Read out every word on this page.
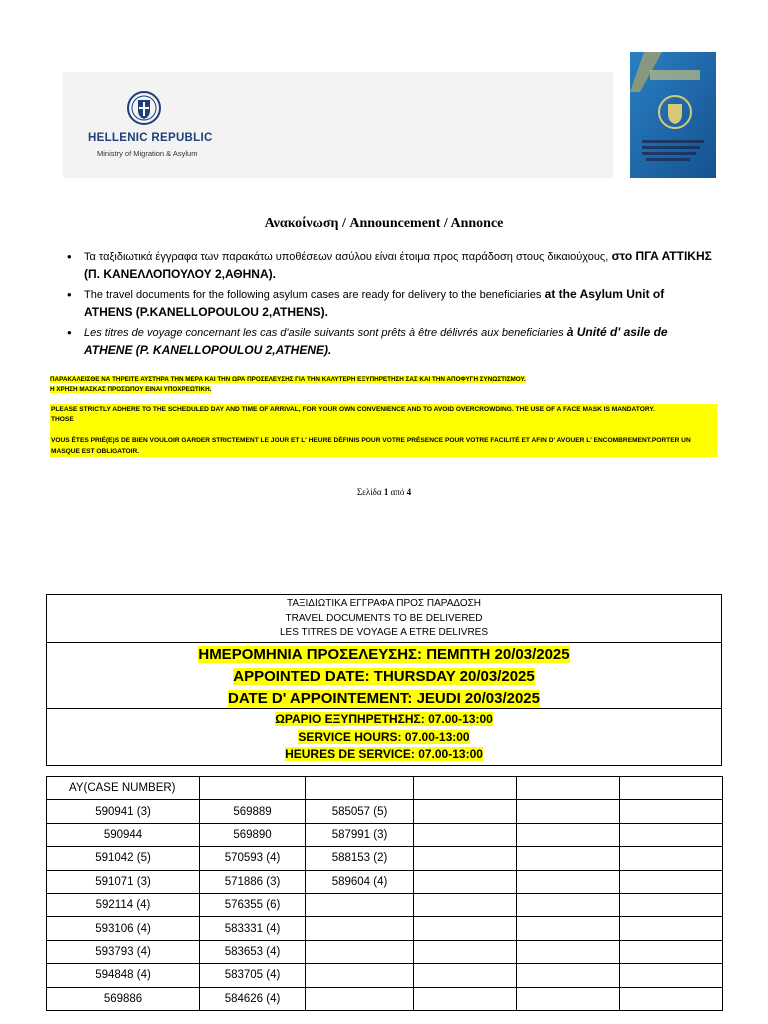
HELLENIC REPUBLIC
Ministry of Migration & Asylum
Ανακοίνωση / Announcement / Annonce
• Τα ταξιδιωτικά έγγραφα των παρακάτω υποθέσεων ασύλου είναι έτοιμα προς παράδοση στους δικαιούχους, στο ΠΓΑ ΑΤΤΙΚΗΣ (Π. ΚΑΝΕΛΛΟΠΟΥΛΟΥ 2,ΑΘΗΝΑ).
• The travel documents for the following asylum cases are ready for delivery to the beneficiaries at the Asylum Unit of ATHENS (P.KANELLOPOULOU 2,ATHENS).
• Les titres de voyage concernant les cas d'asile suivants sont prêts à être délivrés aux beneficiaries à Unité d' asile de ATHENE (P. KANELLOPOULOU 2,ATHENE).
ΠΑΡΑΚΑΛΕΙΣΘΕ ΝΑ ΤΗΡΕΙΤΕ ΑΥΣΤΗΡΑ ΤΗΝ ΜΕΡΑ ΚΑΙ ΤΗΝ ΩΡΑ ΠΡΟΣΕΛΕΥΣΗΣ ΓΙΑ ΤΗΝ ΚΑΛΥΤΕΡΗ ΕΞΥΠΗΡΕΤΗΣΗ ΣΑΣ ΚΑΙ ΤΗΝ ΑΠΟΦΥΓΗ ΣΥΝΩΣΤΙΣΜΟΥ.
Η ΧΡΗΣΗ ΜΑΣΚΑΣ ΠΡΟΣΩΠΟΥ ΕΙΝΑΙ ΥΠΟΧΡΕΩΤΙΚΗ.
PLEASE STRICTLY ADHERE TO THE SCHEDULED DAY AND TIME OF ARRIVAL, FOR YOUR OWN CONVENIENCE AND TO AVOID OVERCROWDING. THE USE OF A FACE MASK IS MANDATORY.
THOSE
VOUS ÊTES PRIÉ(E)S DE BIEN VOULOIR GARDER STRICTEMENT LE JOUR ET L' HEURE DÉFINIS POUR VOTRE PRÉSENCE POUR VOTRE FACILITÉ ET AFIN D' AVOUER L' ENCOMBREMENT.PORTER UN MASQUE EST OBLIGATOIR.
Σελίδα 1 από 4
ΤΑΞΙΔΙΩΤΙΚΑ ΕΓΓΡΑΦΑ ΠΡΟΣ ΠΑΡΑΔΟΣΗ
TRAVEL DOCUMENTS TO BE DELIVERED
LES TITRES DE VOYAGE A ETRE DELIVRES
ΗΜΕΡΟΜΗΝΙΑ ΠΡΟΣΕΛΕΥΣΗΣ: ΠΕΜΠΤΗ 20/03/2025
APPOINTED DATE: THURSDAY 20/03/2025
DATE D' APPOINTEMENT: JEUDI 20/03/2025
ΩΡΑΡΙΟ ΕΞΥΠΗΡΕΤΗΣΗΣ: 07.00-13:00
SERVICE HOURS: 07.00-13:00
HEURES DE SERVICE: 07.00-13:00
AY(CASE NUMBER)					
590941 (3)	569889	585057 (5)			
590944	569890	587991 (3)			
591042 (5)	570593 (4)	588153 (2)			
591071 (3)	571886 (3)	589604 (4)			
592114 (4)	576355 (6)				
593106 (4)	583331 (4)				
593793 (4)	583653 (4)				
594848 (4)	583705 (4)				
569886	584626 (4)				
